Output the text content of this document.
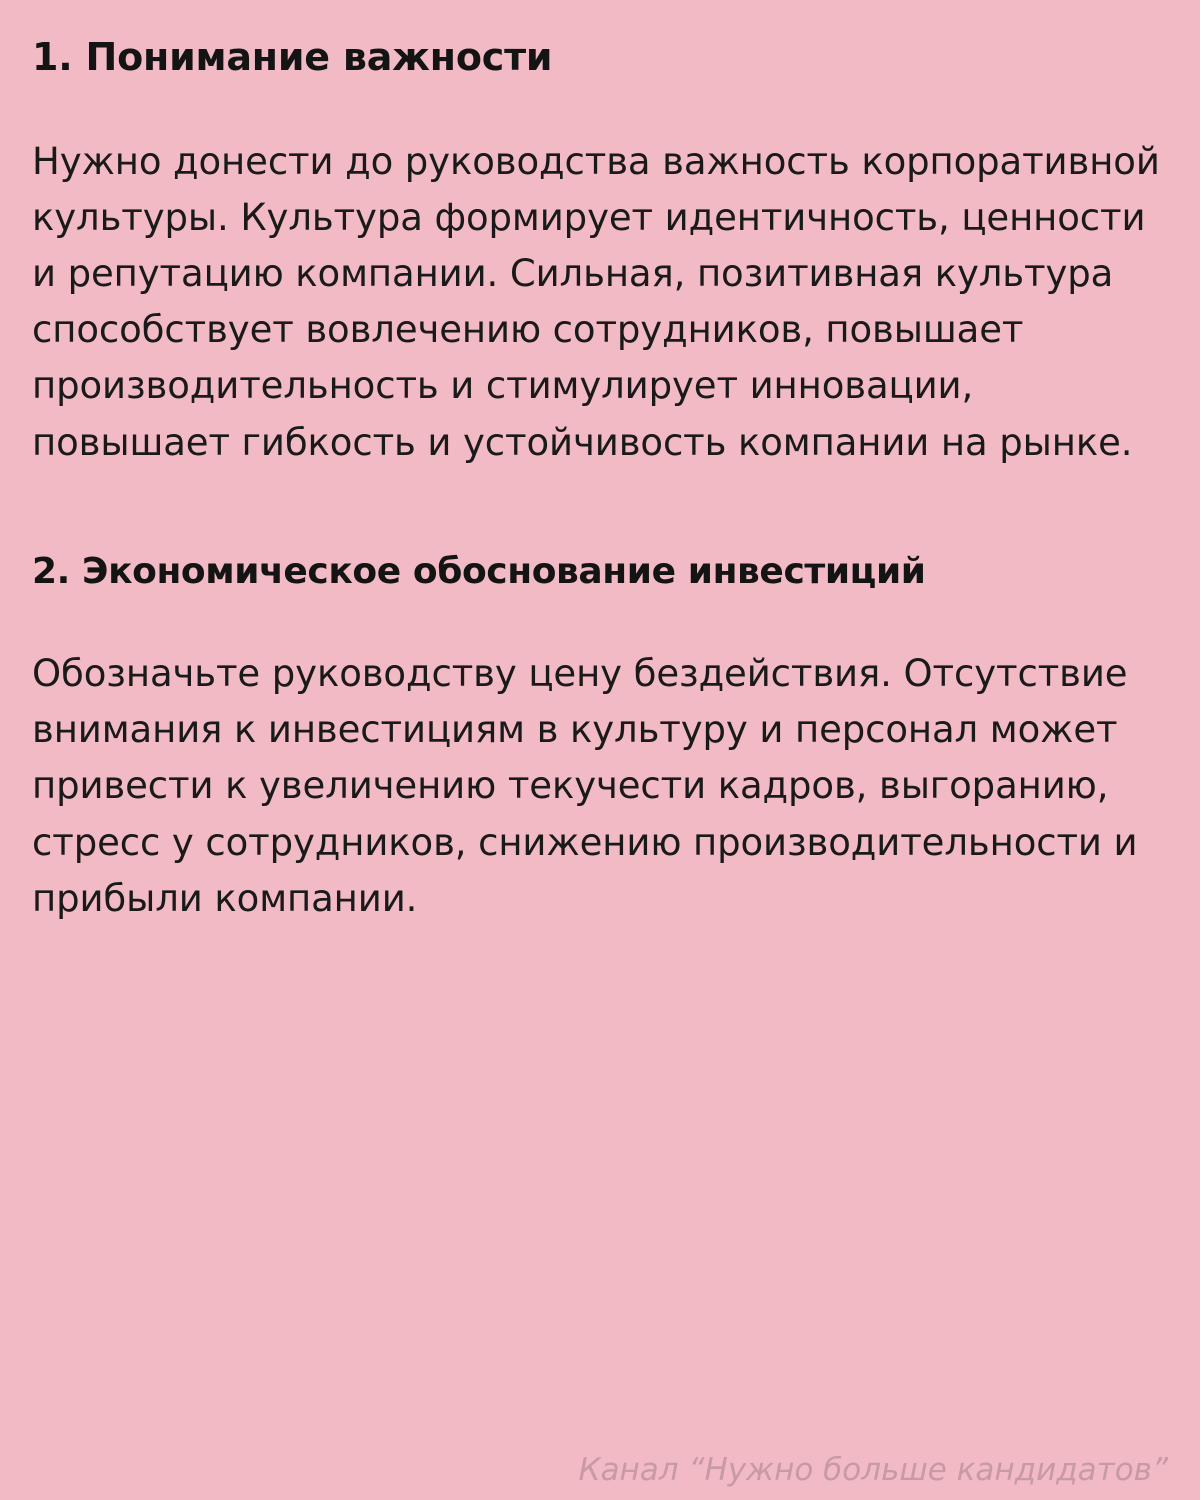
1. Понимание важности

Нужно донести до руководства важность корпоративной культуры. Культура формирует идентичность, ценности и репутацию компании. Сильная, позитивная культура способствует вовлечению сотрудников, повышает производительность и стимулирует инновации, повышает гибкость и устойчивость компании на рынке.

2. Экономическое обоснование инвестиций

Обозначьте руководству цену бездействия. Отсутствие внимания к инвестициям в культуру и персонал может привести к увеличению текучести кадров, выгоранию, стресс у сотрудников, снижению производительности и прибыли компании.

Канал “Нужно больше кандидатов”
